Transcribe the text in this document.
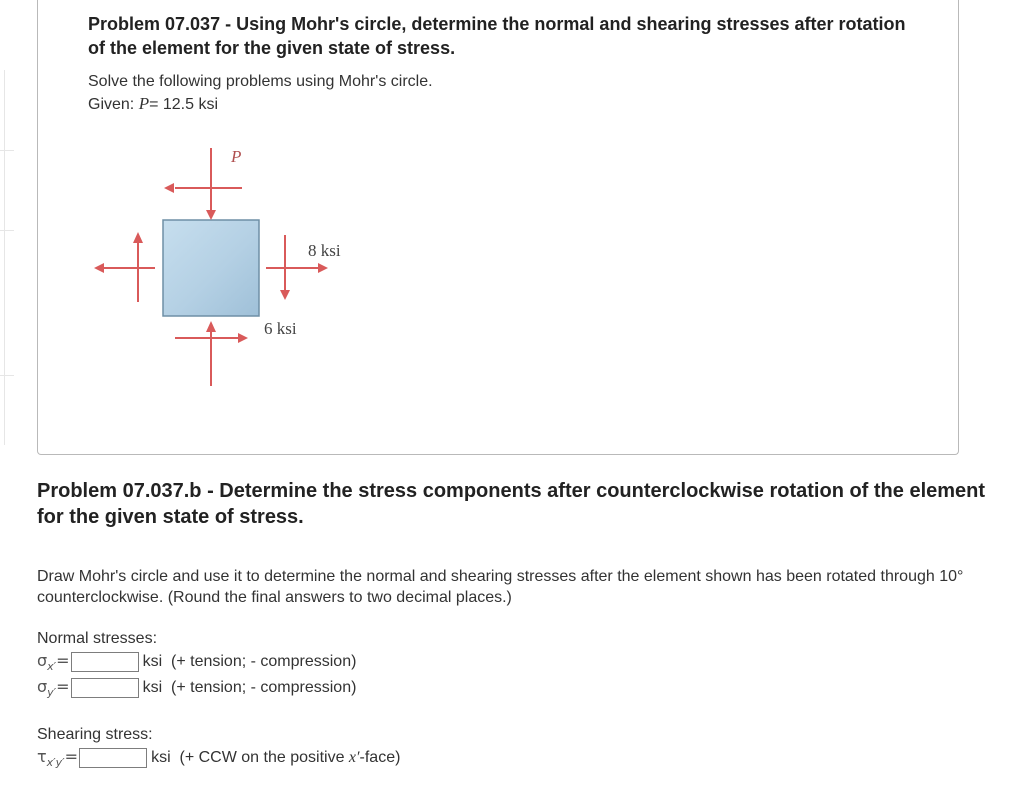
Problem 07.037 - Using Mohr's circle, determine the normal and shearing stresses after rotation of the element for the given state of stress.
Solve the following problems using Mohr's circle.
Given: P= 12.5 ksi
P
8 ksi
6 ksi
Problem 07.037.b - Determine the stress components after counterclockwise rotation of the element for the given state of stress.
Draw Mohr's circle and use it to determine the normal and shearing stresses after the element shown has been rotated through 10° counterclockwise. (Round the final answers to two decimal places.)
Normal stresses:
$\sigma_{x'}=$	ksi  (+ tension; - compression)
$\sigma_{y'}=$	ksi  (+ tension; - compression)
Shearing stress:
$\tau_{x'y'}=$	ksi  (+ CCW on the positive x′-face)
